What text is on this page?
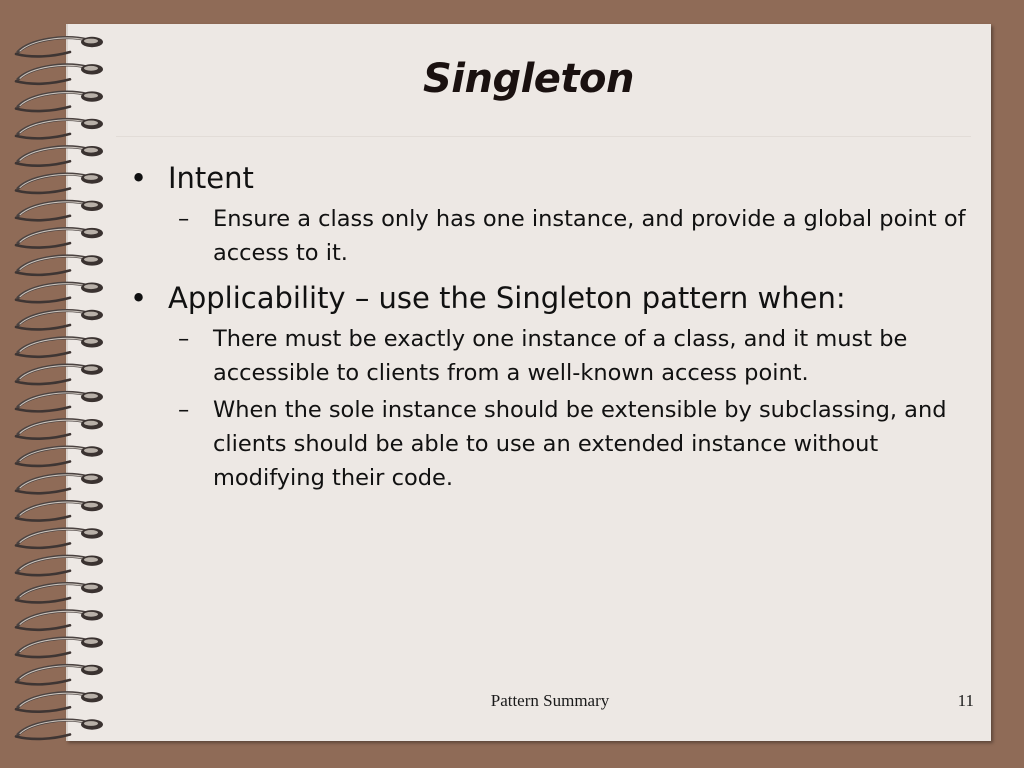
Singleton
• Intent
– Ensure a class only has one instance, and provide a global point of access to it.
• Applicability – use the Singleton pattern when:
– There must be exactly one instance of a class, and it must be accessible to clients from a well-known access point.
– When the sole instance should be extensible by subclassing, and clients should be able to use an extended instance without modifying their code.
Pattern Summary	11
